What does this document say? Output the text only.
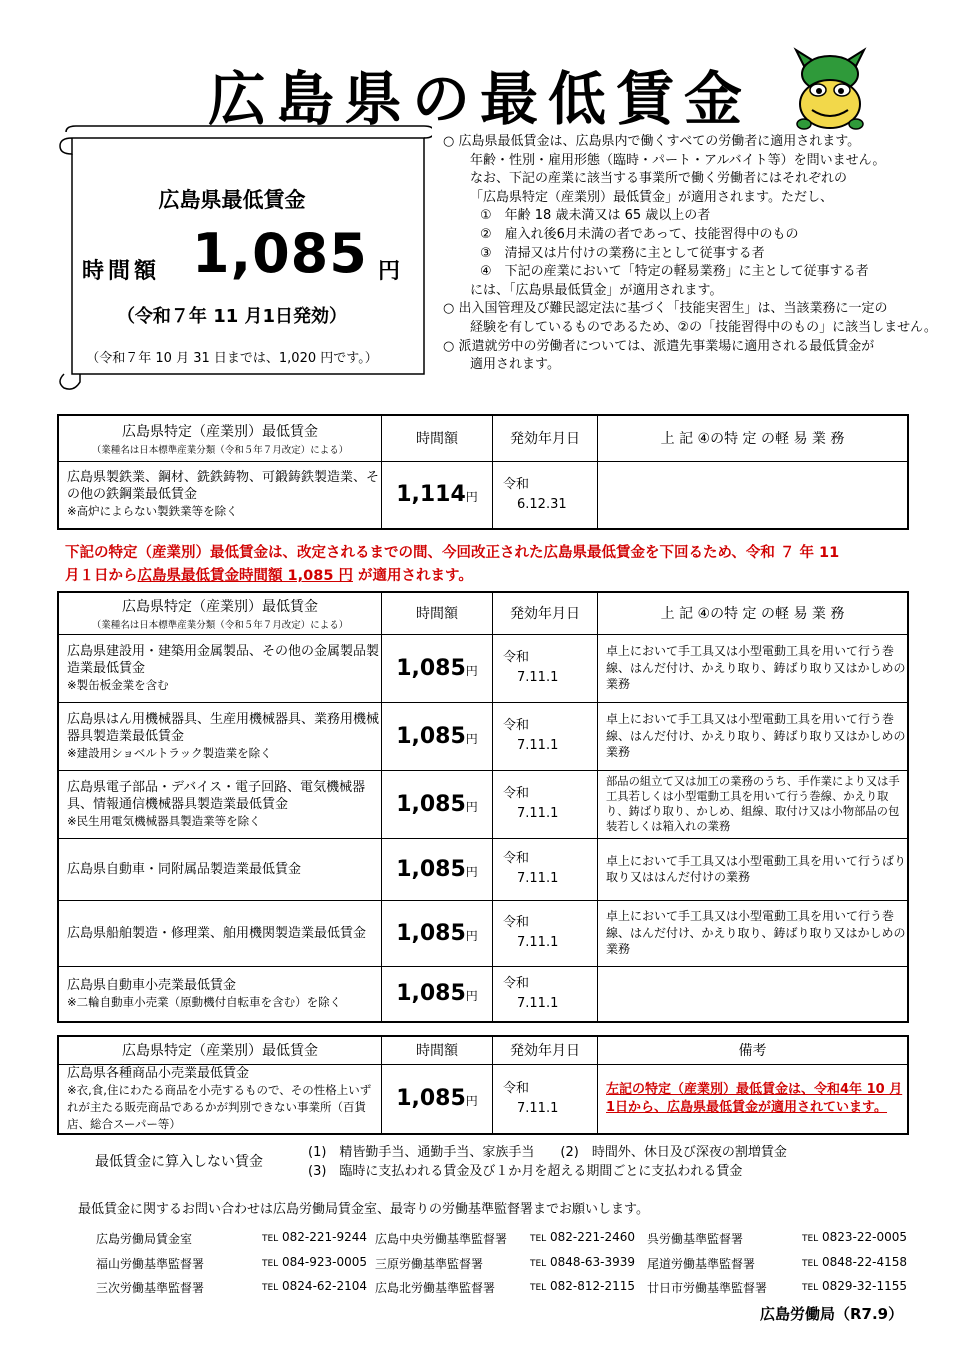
広島県の最低賃金
広島県最低賃金
時間額 1,085 円
（令和７年 11 月1日発効）
（令和７年 10 月 31 日までは、1,020 円です。）
○ 広島県最低賃金は、広島県内で働くすべての労働者に適用されます。
年齢・性別・雇用形態（臨時・パート・アルバイト等）を問いません。
なお、下記の産業に該当する事業所で働く労働者にはそれぞれの
「広島県特定（産業別）最低賃金」が適用されます。ただし、
①　年齢 18 歳未満又は 65 歳以上の者
②　雇入れ後6月未満の者であって、技能習得中のもの
③　清掃又は片付けの業務に主として従事する者
④　下記の産業において「特定の軽易業務」に主として従事する者
には、「広島県最低賃金」が適用されます。
○ 出入国管理及び難民認定法に基づく「技能実習生」は、当該業務に一定の
経験を有しているものであるため、②の「技能習得中のもの」に該当しません。
○ 派遣就労中の労働者については、派遣先事業場に適用される最低賃金が
適用されます。
広島県特定（産業別）最低賃金
（業種名は日本標準産業分類（令和５年７月改定）による）	時間額	発効年月日	上 記 ④の特 定 の軽 易 業 務
広島県製鉄業、鋼材、銑鉄鋳物、可鍛鋳鉄製造業、その他の鉄鋼業最低賃金
※高炉によらない製鉄業等を除く	1,114円	令和
6.12.31	
下記の特定（産業別）最低賃金は、改定されるまでの間、今回改正された広島県最低賃金を下回るため、令和 ７ 年 11
月１日から広島県最低賃金時間額 1,085 円 が適用されます。
広島県特定（産業別）最低賃金
（業種名は日本標準産業分類（令和５年７月改定）による）	時間額	発効年月日	上 記 ④の特 定 の軽 易 業 務
広島県建設用・建築用金属製品、その他の金属製品製造業最低賃金
※製缶板金業を含む	1,085円	令和
7.11.1	卓上において手工具又は小型電動工具を用いて行う巻線、はんだ付け、かえり取り、鋳ばり取り又はかしめの業務
広島県はん用機械器具、生産用機械器具、業務用機械器具製造業最低賃金
※建設用ショベルトラック製造業を除く	1,085円	令和
7.11.1	卓上において手工具又は小型電動工具を用いて行う巻線、はんだ付け、かえり取り、鋳ばり取り又はかしめの業務
広島県電子部品・デバイス・電子回路、電気機械器具、情報通信機械器具製造業最低賃金
※民生用電気機械器具製造業等を除く	1,085円	令和
7.11.1	部品の組立て又は加工の業務のうち、手作業により又は手工具若しくは小型電動工具を用いて行う巻線、かえり取り、鋳ばり取り、かしめ、組線、取付け又は小物部品の包装若しくは箱入れの業務
広島県自動車・同附属品製造業最低賃金	1,085円	令和
7.11.1	卓上において手工具又は小型電動工具を用いて行うばり取り又ははんだ付けの業務
広島県船舶製造・修理業、舶用機関製造業最低賃金	1,085円	令和
7.11.1	卓上において手工具又は小型電動工具を用いて行う巻線、はんだ付け、かえり取り、鋳ばり取り又はかしめの業務
広島県自動車小売業最低賃金
※二輪自動車小売業（原動機付自転車を含む）を除く	1,085円	令和
7.11.1	
広島県特定（産業別）最低賃金	時間額	発効年月日	備考
広島県各種商品小売業最低賃金
※衣,食,住にわたる商品を小売するもので、その性格上いずれが主たる販売商品であるかが判別できない事業所（百貨店、総合スーパー等）	1,085円	令和
7.11.1	左記の特定（産業別）最低賃金は、令和4年 10 月1日から、広島県最低賃金が適用されています。
最低賃金に算入しない賃金
(1)　精皆勤手当、通勤手当、家族手当　　(2)　時間外、休日及び深夜の割増賃金
(3)　臨時に支払われる賃金及び１か月を超える期間ごとに支払われる賃金
最低賃金に関するお問い合わせは広島労働局賃金室、最寄りの労働基準監督署までお願いします。
広島労働局賃金室	TEL 082-221-9244 広島中央労働基準監督署	TEL 082-221-2460 呉労働基準監督署	TEL 0823-22-0005
福山労働基準監督署	TEL 084-923-0005 三原労働基準監督署	TEL 0848-63-3939 尾道労働基準監督署	TEL 0848-22-4158
三次労働基準監督署	TEL 0824-62-2104 広島北労働基準監督署	TEL 082-812-2115 廿日市労働基準監督署	TEL 0829-32-1155
広島労働局（R7.9）
